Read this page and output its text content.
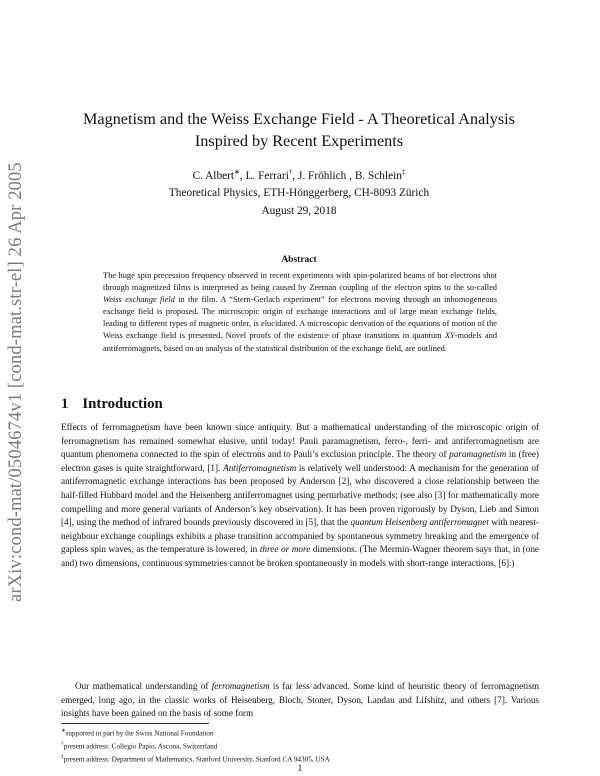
arXiv:cond-mat/0504674v1 [cond-mat.str-el] 26 Apr 2005
Magnetism and the Weiss Exchange Field - A Theoretical Analysis
Inspired by Recent Experiments
C. Albert∗, L. Ferrari†, J. Fröhlich , B. Schlein‡
Theoretical Physics, ETH-Hönggerberg, CH-8093 Zürich
August 29, 2018
Abstract
The huge spin precession frequency observed in recent experiments with spin-polarized beams of hot electrons shot through magnetized films is interpreted as being caused by Zeeman coupling of the electron spins to the so-called Weiss exchange field in the film. A “Stern-Gerlach experiment” for electrons moving through an inhomogeneous exchange field is proposed. The microscopic origin of exchange interactions and of large mean exchange fields, leading to different types of magnetic order, is elucidated. A microscopic derivation of the equations of motion of the Weiss exchange field is presented. Novel proofs of the existence of phase transitions in quantum XY-models and antiferromagnets, based on an analysis of the statistical distribution of the exchange field, are outlined.
1 Introduction
Effects of ferromagnetism have been known since antiquity. But a mathematical understanding of the microscopic origin of ferromagnetism has remained somewhat elusive, until today! Pauli paramagnetism, ferro-, ferri- and antiferromagnetism are quantum phenomena connected to the spin of electrons and to Pauli’s exclusion principle. The theory of paramagnetism in (free) electron gases is quite straightforward, [1]. Antiferromagnetism is relatively well understood: A mechanism for the generation of antiferromagnetic exchange interactions has been proposed by Anderson [2], who discovered a close relationship between the half-filled Hubbard model and the Heisenberg antiferromagnet using perturbative methods; (see also [3] for mathematically more compelling and more general variants of Anderson’s key observation). It has been proven rigorously by Dyson, Lieb and Simon [4], using the method of infrared bounds previously discovered in [5], that the quantum Heisenberg antiferromagnet with nearest-neighbour exchange couplings exhibits a phase transition accompanied by spontaneous symmetry breaking and the emergence of gapless spin waves, as the temperature is lowered, in three or more dimensions. (The Mermin-Wagner theorem says that, in (one and) two dimensions, continuous symmetries cannot be broken spontaneously in models with short-range interactions, [6].)
Our mathematical understanding of ferromagnetism is far less advanced. Some kind of heuristic theory of ferromagnetism emerged, long ago, in the classic works of Heisenberg, Bloch, Stoner, Dyson, Landau and Lifshitz, and others [7]. Various insights have been gained on the basis of some form
∗supported in part by the Swiss National Foundation
†present address: Collegio Papio, Ascona, Switzerland
‡present address: Department of Mathematics, Stanford University, Stanford CA 94305, USA
1
